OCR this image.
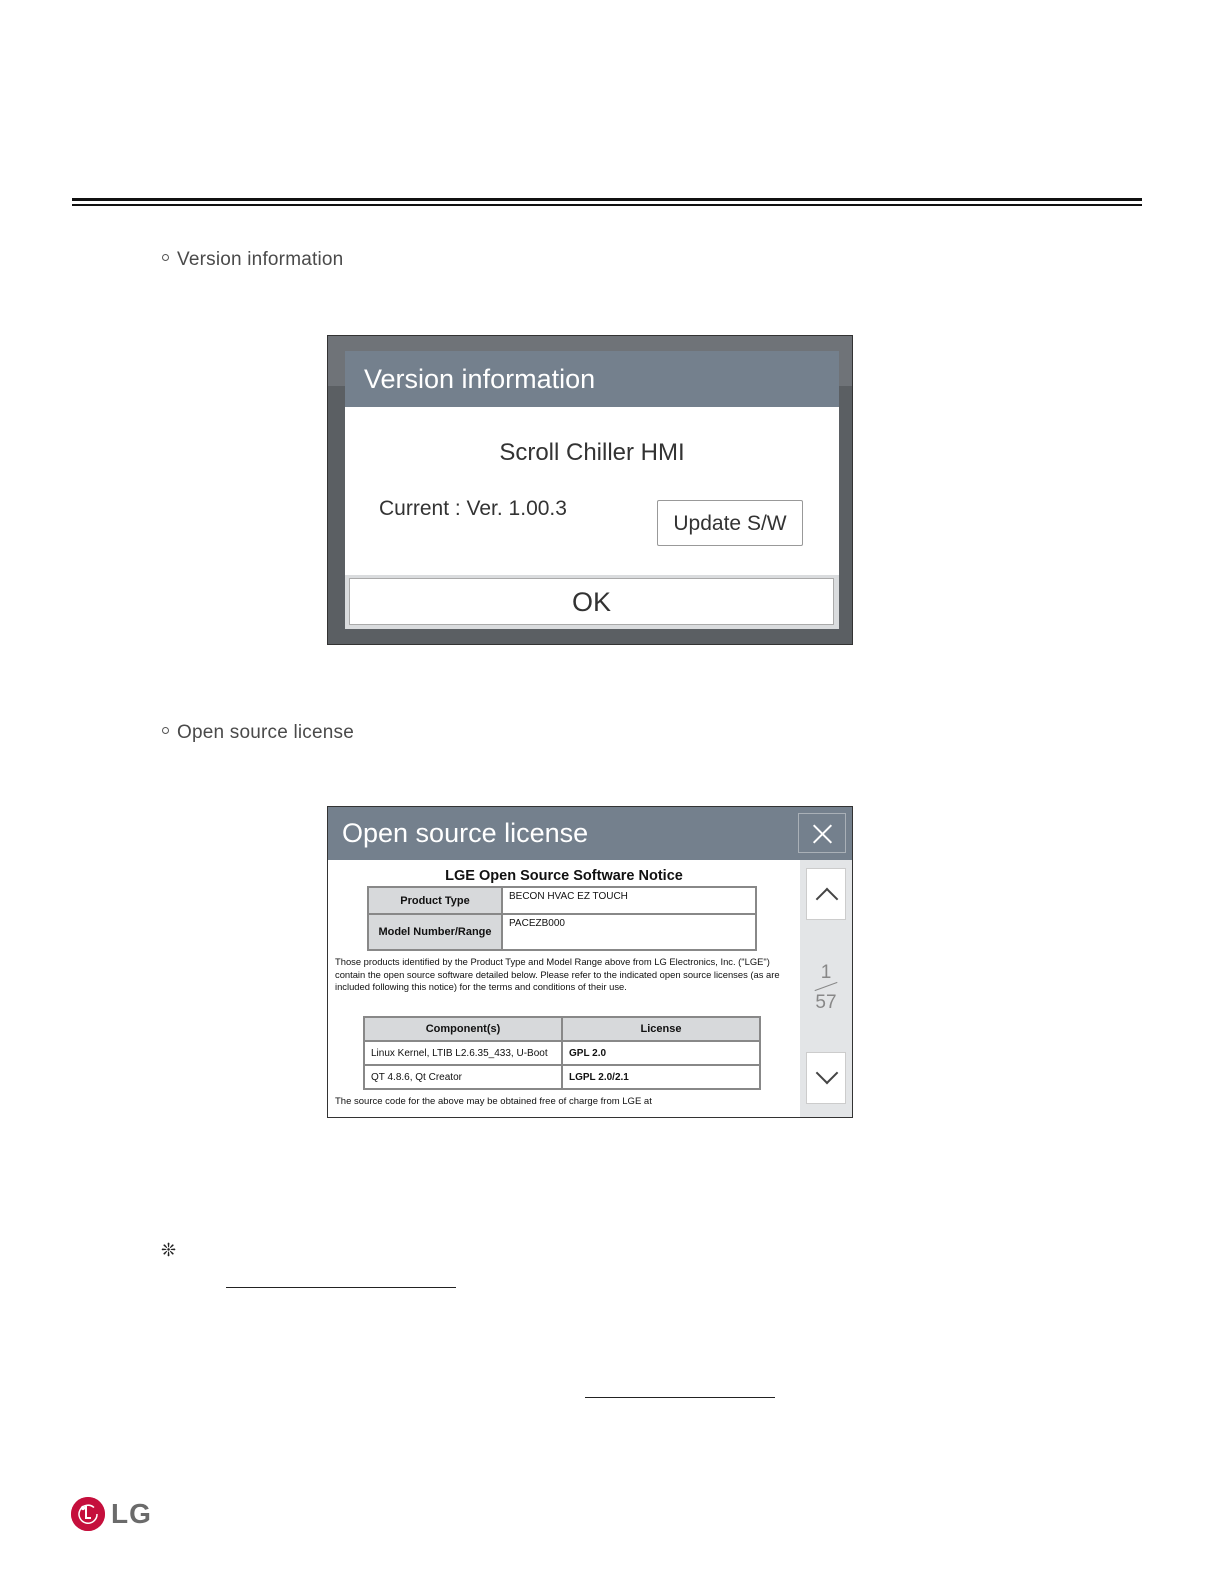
Version information
Version information
Scroll Chiller HMI
Current : Ver. 1.00.3
Update S/W
OK
Open source license
Open source license
LGE Open Source Software Notice
Product Type	BECON HVAC EZ TOUCH
Model Number/Range	PACEZB000
Those products identified by the Product Type and Model Range above from LG Electronics, Inc. ("LGE") contain the open source software detailed below. Please refer to the indicated open source licenses (as are included following this notice) for the terms and conditions of their use.
Component(s)	License
Linux Kernel, LTIB L2.6.35_433, U-Boot	GPL 2.0
QT 4.8.6, Qt Creator	LGPL 2.0/2.1
The source code for the above may be obtained free of charge from LGE at
1
57
❊
LG
